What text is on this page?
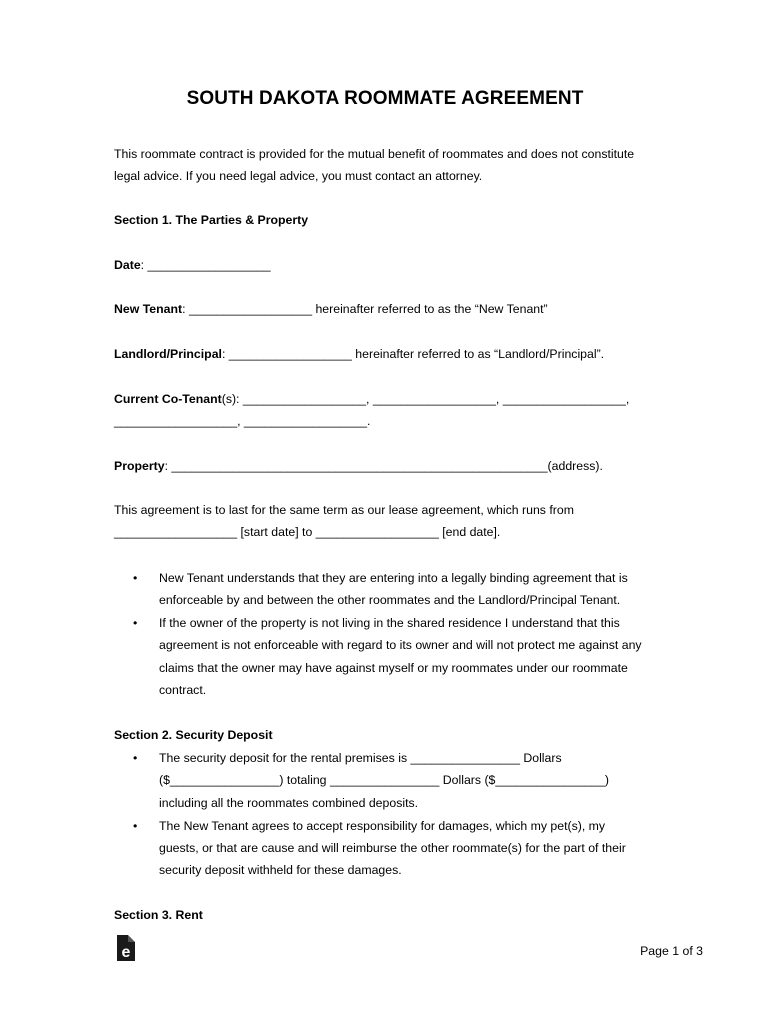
SOUTH DAKOTA ROOMMATE AGREEMENT
This roommate contract is provided for the mutual benefit of roommates and does not constitute
legal advice. If you need legal advice, you must contact an attorney.
Section 1. The Parties & Property
Date: __________________
New Tenant: __________________ hereinafter referred to as the “New Tenant”
Landlord/Principal: __________________ hereinafter referred to as “Landlord/Principal”.
Current Co-Tenant(s): __________________, __________________, __________________,
__________________, __________________.
Property: _______________________________________________________(address).
This agreement is to last for the same term as our lease agreement, which runs from
__________________ [start date] to __________________ [end date].
• New Tenant understands that they are entering into a legally binding agreement that is
enforceable by and between the other roommates and the Landlord/Principal Tenant.
• If the owner of the property is not living in the shared residence I understand that this
agreement is not enforceable with regard to its owner and will not protect me against any
claims that the owner may have against myself or my roommates under our roommate
contract.
Section 2. Security Deposit
• The security deposit for the rental premises is ________________ Dollars
($________________) totaling ________________ Dollars ($________________)
including all the roommates combined deposits.
• The New Tenant agrees to accept responsibility for damages, which my pet(s), my
guests, or that are cause and will reimburse the other roommate(s) for the part of their
security deposit withheld for these damages.
Section 3. Rent
e	Page 1 of 3
